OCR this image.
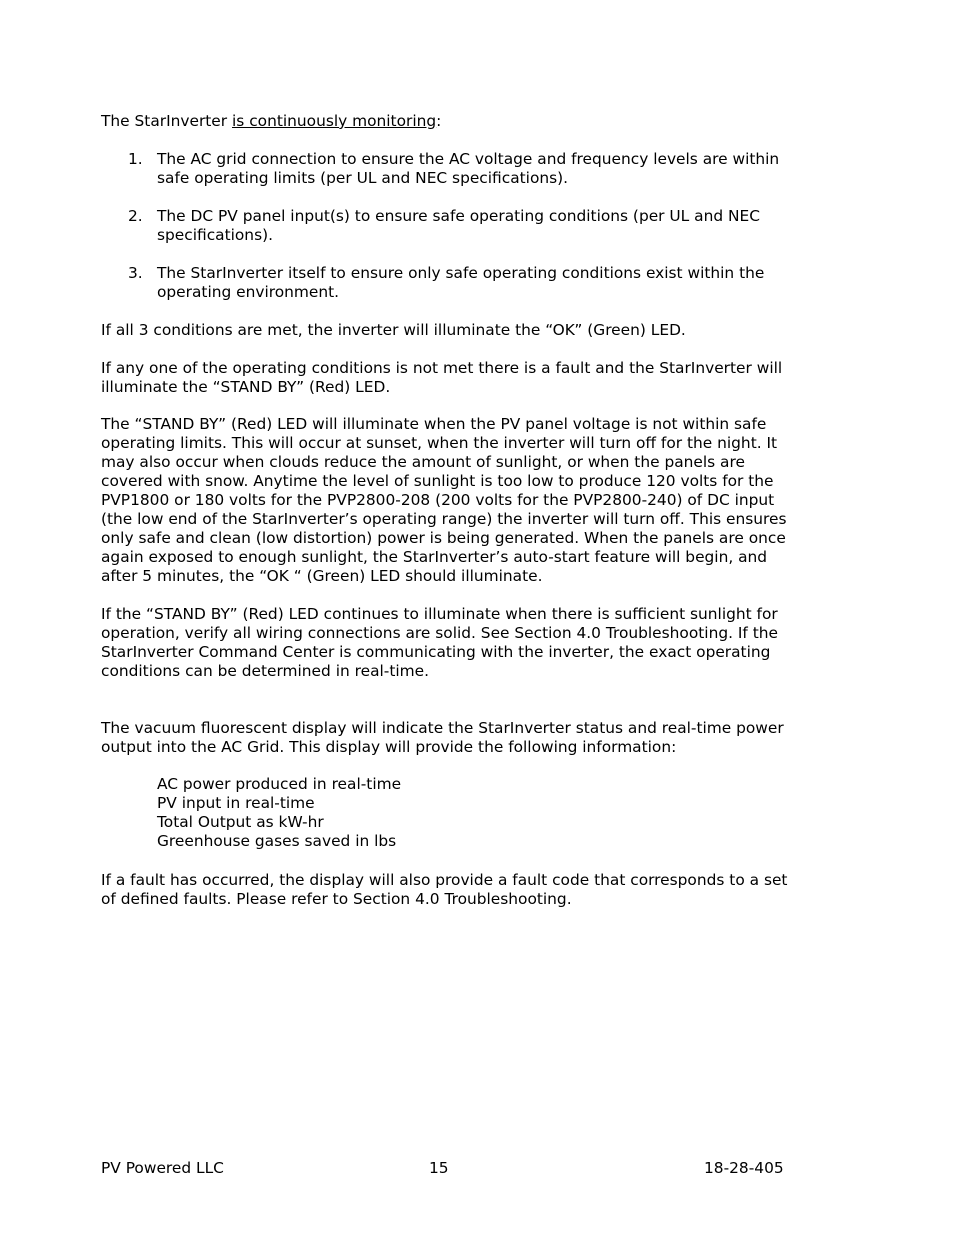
The StarInverter is continuously monitoring:

1. The AC grid connection to ensure the AC voltage and frequency levels are within
safe operating limits (per UL and NEC specifications).
2. The DC PV panel input(s) to ensure safe operating conditions (per UL and NEC
specifications).
3. The StarInverter itself to ensure only safe operating conditions exist within the
operating environment.

If all 3 conditions are met, the inverter will illuminate the “OK” (Green) LED.

If any one of the operating conditions is not met there is a fault and the StarInverter will
illuminate the “STAND BY” (Red) LED.

The “STAND BY” (Red) LED will illuminate when the PV panel voltage is not within safe
operating limits. This will occur at sunset, when the inverter will turn off for the night. It
may also occur when clouds reduce the amount of sunlight, or when the panels are
covered with snow. Anytime the level of sunlight is too low to produce 120 volts for the
PVP1800 or 180 volts for the PVP2800-208 (200 volts for the PVP2800-240) of DC input
(the low end of the StarInverter’s operating range) the inverter will turn off. This ensures
only safe and clean (low distortion) power is being generated. When the panels are once
again exposed to enough sunlight, the StarInverter’s auto-start feature will begin, and
after 5 minutes, the “OK “ (Green) LED should illuminate.

If the “STAND BY” (Red) LED continues to illuminate when there is sufficient sunlight for
operation, verify all wiring connections are solid. See Section 4.0 Troubleshooting. If the
StarInverter Command Center is communicating with the inverter, the exact operating
conditions can be determined in real-time.

The vacuum fluorescent display will indicate the StarInverter status and real-time power
output into the AC Grid. This display will provide the following information:

AC power produced in real-time
PV input in real-time
Total Output as kW-hr
Greenhouse gases saved in lbs

If a fault has occurred, the display will also provide a fault code that corresponds to a set
of defined faults. Please refer to Section 4.0 Troubleshooting.

PV Powered LLC	15	18-28-405
